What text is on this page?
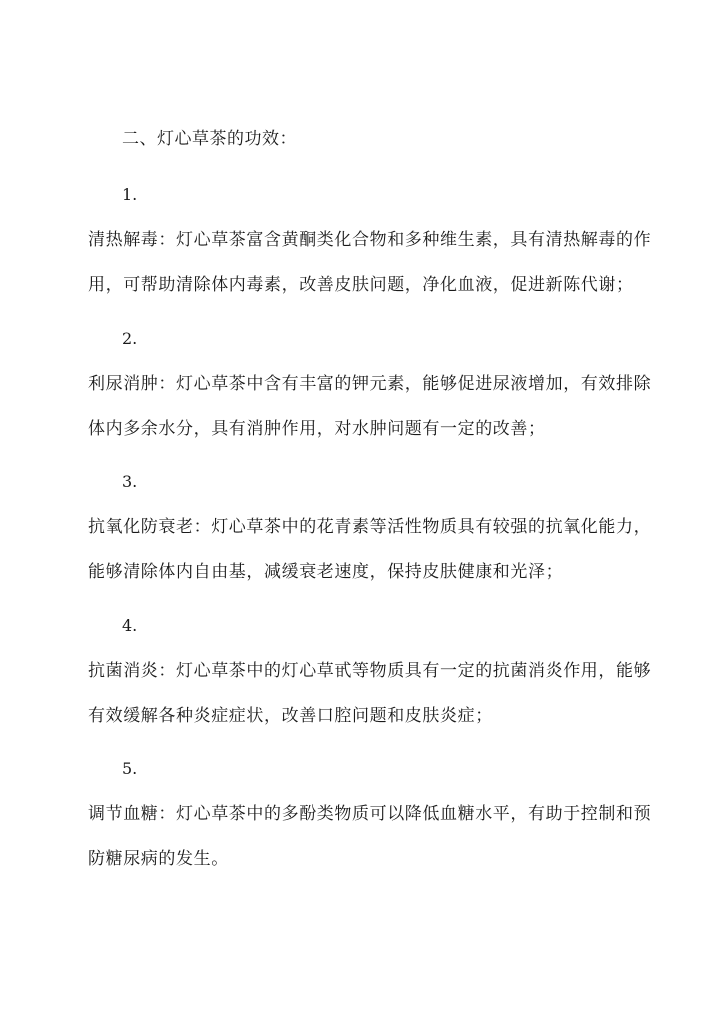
二、灯心草茶的功效：
1.
清热解毒：灯心草茶富含黄酮类化合物和多种维生素，具有清热解毒的作用，可帮助清除体内毒素，改善皮肤问题，净化血液，促进新陈代谢；
2.
利尿消肿：灯心草茶中含有丰富的钾元素，能够促进尿液增加，有效排除体内多余水分，具有消肿作用，对水肿问题有一定的改善；
3.
抗氧化防衰老：灯心草茶中的花青素等活性物质具有较强的抗氧化能力，能够清除体内自由基，减缓衰老速度，保持皮肤健康和光泽；
4.
抗菌消炎：灯心草茶中的灯心草甙等物质具有一定的抗菌消炎作用，能够有效缓解各种炎症症状，改善口腔问题和皮肤炎症；
5.
调节血糖：灯心草茶中的多酚类物质可以降低血糖水平，有助于控制和预防糖尿病的发生。
